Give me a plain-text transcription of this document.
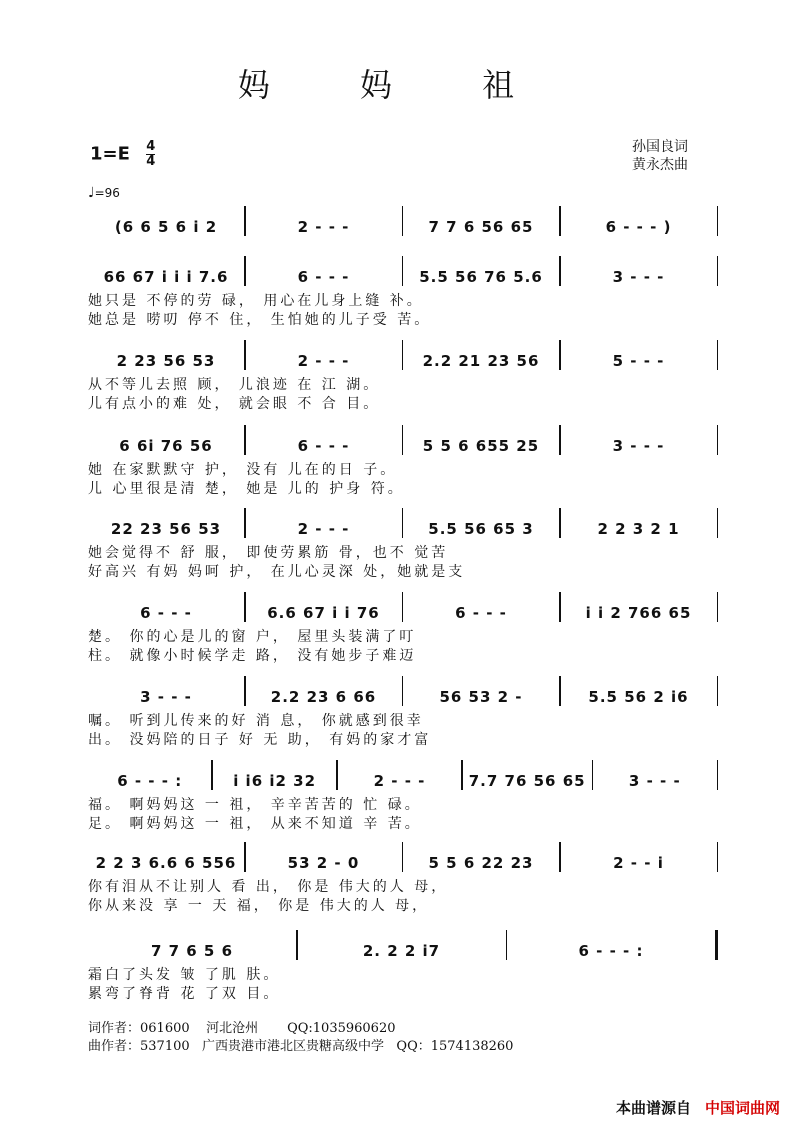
妈 妈 祖
$1=E \frac{4}{4}$	孙国良词
黄永杰曲
♩=96
(6 6 5 6 i 2	2 - - -	7 7 6 56 65	6 - - - )
66 67 i i i 7.6	6 - - -	5.5 56 76 5.6	3 - - -
她只是 不停的劳 碌， 用心在儿身上缝 补。
她总是 唠叨 停不 住， 生怕她的儿子受 苦。
2 23 56 53	2 - - -	2.2 21 23 56	5 - - -
从不等儿去照 顾， 儿浪迹 在 江 湖。
儿有点小的难 处， 就会眼 不 合 目。
6 6i 76 56	6 - - -	5 5 6 655 25	3 - - -
她 在家默默守 护， 没有 儿在的日 子。
儿 心里很是清 楚， 她是 儿的 护身 符。
22 23 56 53	2 - - -	5.5 56 65 3	2 2 3 2 1
她会觉得不 舒 服， 即使劳累筋 骨，也不 觉苦
好高兴 有妈 妈呵 护， 在儿心灵深 处，她就是支
6 - - -	6.6 67 i i 76	6 - - -	i i 2 766 65
楚。 你的心是儿的窗 户， 屋里头装满了叮
柱。 就像小时候学走 路， 没有她步子难迈
3 - - -	2.2 23 6 66	56 53 2 -	5.5 56 2 i6
嘱。 听到儿传来的好 消 息， 你就感到很幸
出。 没妈陪的日子 好 无 助， 有妈的家才富
6 - - - :	i i6 i2 32	2 - - -	7.7 76 56 65	3 - - -
福。 啊妈妈这 一 祖， 辛辛苦苦的 忙 碌。
足。 啊妈妈这 一 祖， 从来不知道 辛 苦。
2 2 3 6.6 6 556	53 2 - 0	5 5 6 22 23	2 - - i
你有泪从不让别人 看 出， 你是 伟大的人 母，
你从来没 享 一 天 福， 你是 伟大的人 母，
7 7 6 5 6	2. 2 2 i7	6 - - - :
霜白了头发 皱 了肌 肤。
累弯了脊背 花 了双 目。
词作者：061600    河北沧州       QQ:1035960620
曲作者：537100   广西贵港市港北区贵糖高级中学   QQ：1574138260
本曲谱源自 中国词曲网
